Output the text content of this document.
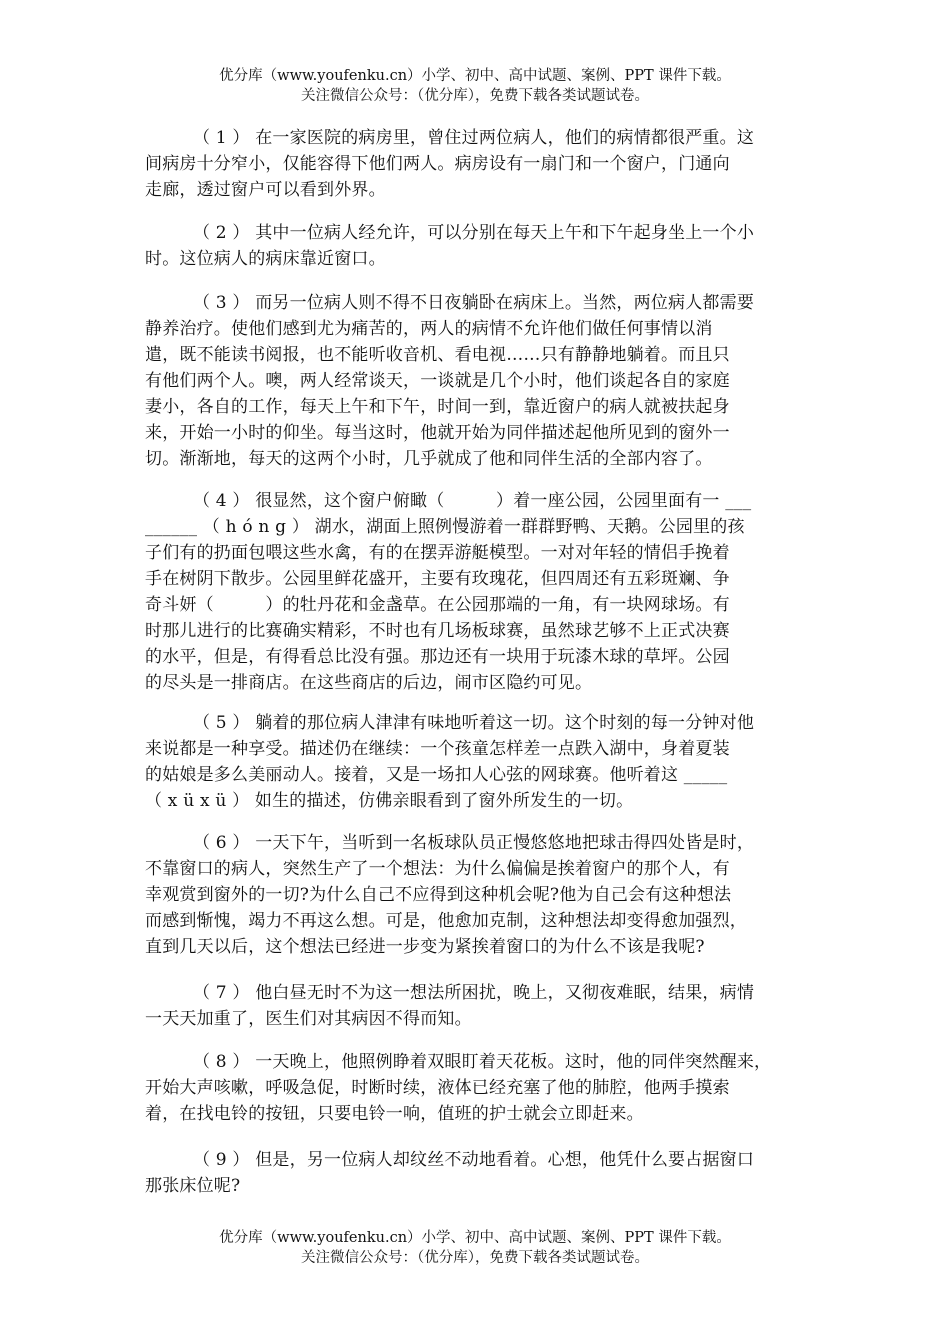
优分库（www.youfenku.cn）小学、初中、高中试题、案例、PPT 课件下载。
关注微信公众号：（优分库），免费下载各类试题试卷。
（ 1 ） 在一家医院的病房里，曾住过两位病人，他们的病情都很严重。这
间病房十分窄小，仅能容得下他们两人。病房设有一扇门和一个窗户，门通向
走廊，透过窗户可以看到外界。
（ 2 ） 其中一位病人经允许，可以分别在每天上午和下午起身坐上一个小
时。这位病人的病床靠近窗口。
（ 3 ） 而另一位病人则不得不日夜躺卧在病床上。当然，两位病人都需要
静养治疗。使他们感到尤为痛苦的，两人的病情不允许他们做任何事情以消
遣，既不能读书阅报，也不能听收音机、看电视……只有静静地躺着。而且只
有他们两个人。噢，两人经常谈天，一谈就是几个小时，他们谈起各自的家庭
妻小，各自的工作，每天上午和下午，时间一到，靠近窗户的病人就被扶起身
来，开始一小时的仰坐。每当这时，他就开始为同伴描述起他所见到的窗外一
切。渐渐地，每天的这两个小时，几乎就成了他和同伴生活的全部内容了。
（ 4 ） 很显然，这个窗户俯瞰（　　　）着一座公园，公园里面有一 ___
______ （ h ó n g ） 湖水，湖面上照例慢游着一群群野鸭、天鹅。公园里的孩
子们有的扔面包喂这些水禽，有的在摆弄游艇模型。一对对年轻的情侣手挽着
手在树阴下散步。公园里鲜花盛开，主要有玫瑰花，但四周还有五彩斑斓、争
奇斗妍（　　　）的牡丹花和金盏草。在公园那端的一角，有一块网球场。有
时那儿进行的比赛确实精彩，不时也有几场板球赛，虽然球艺够不上正式决赛
的水平，但是，有得看总比没有强。那边还有一块用于玩漆木球的草坪。公园
的尽头是一排商店。在这些商店的后边，闹市区隐约可见。
（ 5 ） 躺着的那位病人津津有味地听着这一切。这个时刻的每一分钟对他
来说都是一种享受。描述仍在继续：一个孩童怎样差一点跌入湖中，身着夏装
的姑娘是多么美丽动人。接着，又是一场扣人心弦的网球赛。他听着这 _____
（ x ü x ü ） 如生的描述，仿佛亲眼看到了窗外所发生的一切。
（ 6 ） 一天下午，当听到一名板球队员正慢悠悠地把球击得四处皆是时，
不靠窗口的病人，突然生产了一个想法：为什么偏偏是挨着窗户的那个人，有
幸观赏到窗外的一切?为什么自己不应得到这种机会呢?他为自己会有这种想法
而感到惭愧，竭力不再这么想。可是，他愈加克制，这种想法却变得愈加强烈，
直到几天以后，这个想法已经进一步变为紧挨着窗口的为什么不该是我呢?
（ 7 ） 他白昼无时不为这一想法所困扰，晚上，又彻夜难眠，结果，病情
一天天加重了，医生们对其病因不得而知。
（ 8 ） 一天晚上，他照例睁着双眼盯着天花板。这时，他的同伴突然醒来，
开始大声咳嗽，呼吸急促，时断时续，液体已经充塞了他的肺腔，他两手摸索
着，在找电铃的按钮，只要电铃一响，值班的护士就会立即赶来。
（ 9 ） 但是，另一位病人却纹丝不动地看着。心想，他凭什么要占据窗口
那张床位呢?
优分库（www.youfenku.cn）小学、初中、高中试题、案例、PPT 课件下载。
关注微信公众号：（优分库），免费下载各类试题试卷。
